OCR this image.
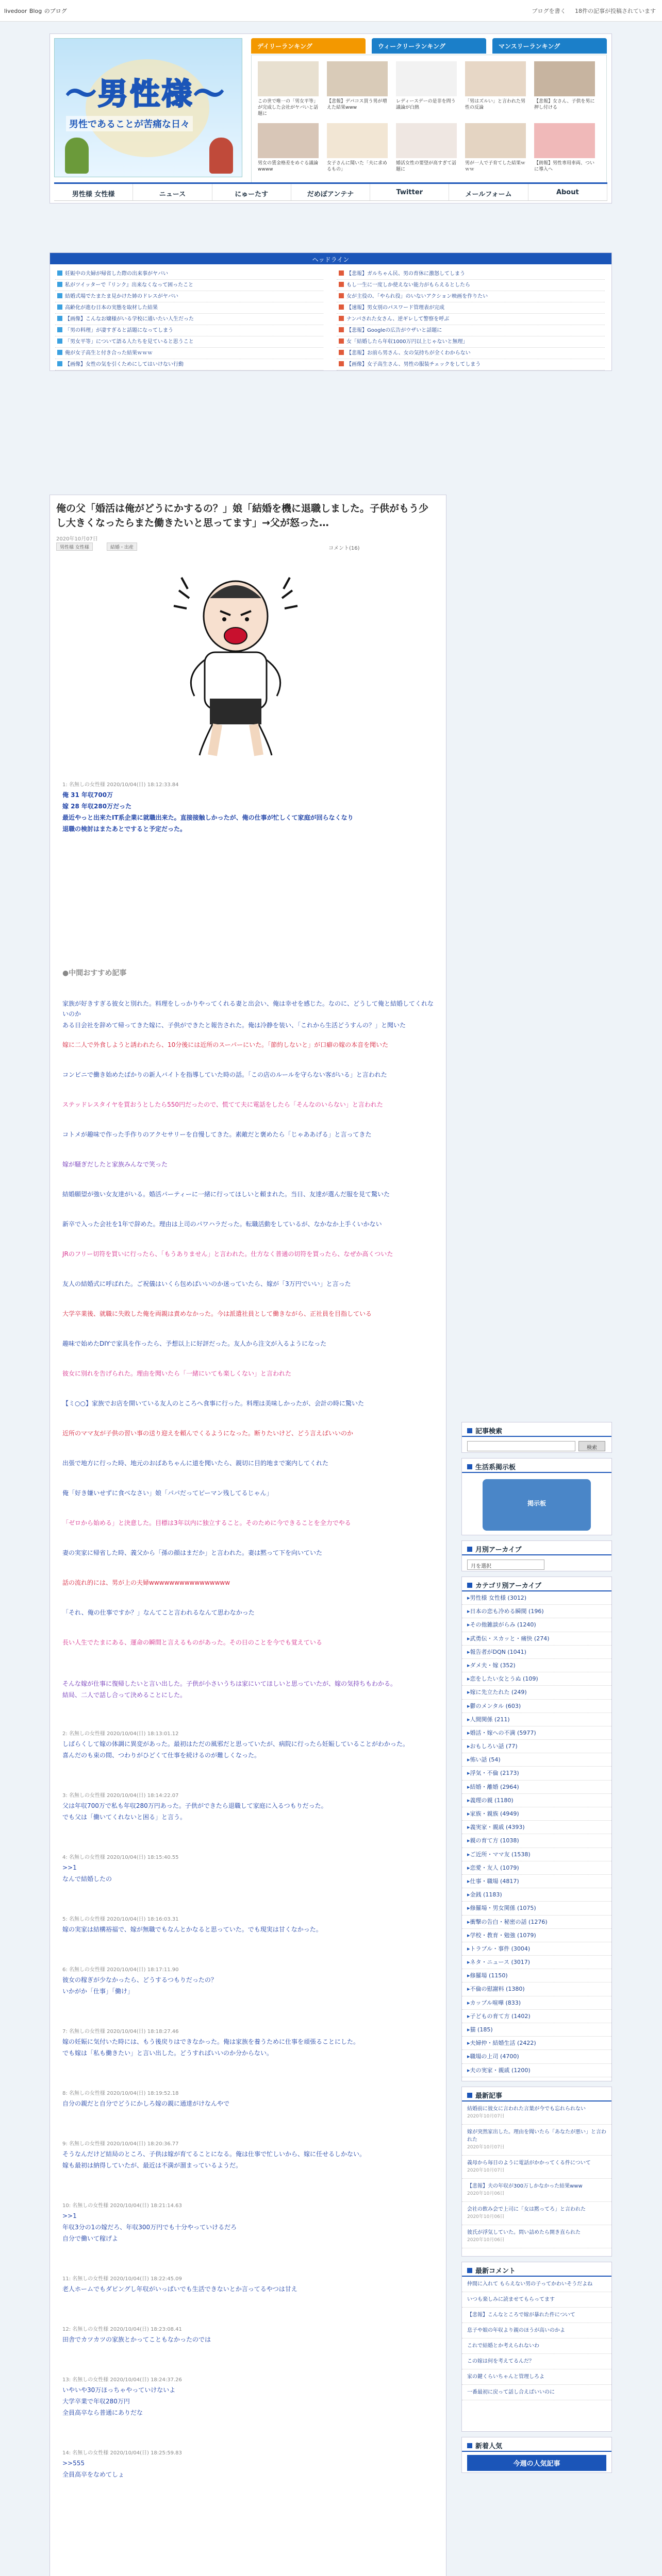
livedoor Blog のブログ	ブログを書く 18件の記事が投稿されています
〜男性様〜
男性であることが苦痛な日々
デイリーランキング	ウィークリーランキング	マンスリーランキング
この世で唯一の「男女平等」が完成した会社がヤバいと話題に
【悲報】デパコス買う男が増えた結果www
レディースデーの是非を問う議論が白熱
「男はズルい」と言われた男性の反論
【悲報】女さん、子供を男に押し付ける
男女の賃金格差をめぐる議論wwww
女子さんに聞いた「夫に求めるもの」
婚活女性の要望が高すぎて話題に
男が一人で子育てした結果ｗｗｗ
【朗報】男性専用車両、ついに導入へ
男性様 女性様	ニュース	にゅーたす	だめぽアンテナ	Twitter	メールフォーム	About
ヘッドライン
妊娠中の夫婦が帰省した際の出来事がヤバい
私がツイッターで『リンク』出来なくなって困ったこと
結婚式場でたまたま見かけた姉のドレスがヤバい
高齢化が進む日本の実態を取材した結果
【画像】こんなお嬢様がいる学校に通いたい人生だった
「男の料理」が凄すぎると話題になってしまう
「男女平等」について語る人たちを見ていると思うこと
俺が女子高生と付き合った結果ｗｗｗ
【画像】女性の気を引くためにしてはいけない行動
【悲報】ガルちゃん民、男の育休に激怒してしまう
もし一生に一度しか使えない能力がもらえるとしたら
女が主役の、「やられ役」のいないアクション映画を作りたい
【速報】男女別のパスワード管理表が完成
ナンパされた女さん、逆ギレして警察を呼ぶ
【悲報】Googleの広告がウザいと話題に
女「結婚したら年収1000万円以上じゃないと無理」
【悲報】お前ら男さん、女の気持ちが全くわからない
【画像】女子高生さん、男性の服装チェックをしてしまう
俺の父「婚活は俺がどうにかするの？」娘「結婚を機に退職しました。子供がもう少し大きくなったらまた働きたいと思ってます」→父が怒った…
2020年10月07日
男性様 女性様	結婚・出産	コメント(16)
1: 名無しの女性様 2020/10/04(日) 18:12:33.84
俺 31 年収700万
嫁 28 年収280万だった
最近やっと出来たIT系企業に就職出来た。直接接触しかったが、俺の仕事が忙しくて家庭が回らなくなり
退職の検討はまたあとですると予定だった。
●中間おすすめ記事
家族が好きすぎる彼女と別れた。料理をしっかりやってくれる妻と出会い、俺は幸せを感じた。なのに、どうして俺と結婚してくれないのか
ある日会社を辞めて帰ってきた嫁に、子供ができたと報告された。俺は冷静を装い、「これから生活どうすんの？」と聞いた
嫁に二人で外食しようと誘われたら、10分後には近所のスーパーにいた。「節約しないと」が口癖の嫁の本音を聞いた
コンビニで働き始めたばかりの新人バイトを指導していた時の話。「この店のルールを守らない客がいる」と言われた
ステッドレスタイヤを買おうとしたら550円だったので、慌てて夫に電話をしたら「そんなのいらない」と言われた
コトメが趣味で作った手作りのアクセサリーを自慢してきた。素敵だと褒めたら「じゃああげる」と言ってきた
嫁が騒ぎだしたと家族みんなで笑った
結婚願望が強い女友達がいる。婚活パーティーに一緒に行ってほしいと頼まれた。当日、友達が選んだ服を見て驚いた
新卒で入った会社を1年で辞めた。理由は上司のパワハラだった。転職活動をしているが、なかなか上手くいかない
JRのフリー切符を買いに行ったら、「もうありません」と言われた。仕方なく普通の切符を買ったら、なぜか高くついた
友人の結婚式に呼ばれた。ご祝儀はいくら包めばいいのか迷っていたら、嫁が「3万円でいい」と言った
大学卒業後、就職に失敗した俺を両親は責めなかった。今は派遣社員として働きながら、正社員を目指している
趣味で始めたDIYで家具を作ったら、予想以上に好評だった。友人から注文が入るようになった
彼女に別れを告げられた。理由を聞いたら「一緒にいても楽しくない」と言われた
【ミ○○】家族でお店を開いている友人のところへ食事に行った。料理は美味しかったが、会計の時に驚いた
近所のママ友が子供の習い事の送り迎えを頼んでくるようになった。断りたいけど、どう言えばいいのか
出張で地方に行った時、地元のおばあちゃんに道を聞いたら、親切に目的地まで案内してくれた
俺「好き嫌いせずに食べなさい」娘「パパだってピーマン残してるじゃん」
「ゼロから始める」と決意した。目標は3年以内に独立すること。そのために今できることを全力でやる
妻の実家に帰省した時、義父から「孫の顔はまだか」と言われた。妻は黙って下を向いていた
話の流れ的には、男が上の夫婦wwwwwwwwwwwwwwww
「それ、俺の仕事ですか？」なんてこと言われるなんて思わなかった
長い人生でたまにある、運命の瞬間と言えるものがあった。その日のことを今でも覚えている
そんな嫁が仕事に復帰したいと言い出した。子供が小さいうちは家にいてほしいと思っていたが、嫁の気持ちもわかる。
結局、二人で話し合って決めることにした。
2: 名無しの女性様 2020/10/04(日) 18:13:01.12
しばらくして嫁の体調に異変があった。最初はただの風邪だと思っていたが、病院に行ったら妊娠していることがわかった。
喜んだのも束の間、つわりがひどくて仕事を続けるのが難しくなった。
3: 名無しの女性様 2020/10/04(日) 18:14:22.07
父は年収700万で私も年収280万円あった。子供ができたら退職して家庭に入るつもりだった。
でも父は「働いてくれないと困る」と言う。
4: 名無しの女性様 2020/10/04(日) 18:15:40.55
>>1
なんで結婚したの
5: 名無しの女性様 2020/10/04(日) 18:16:03.31
嫁の実家は結構裕福で、嫁が無職でもなんとかなると思っていた。でも現実は甘くなかった。
6: 名無しの女性様 2020/10/04(日) 18:17:11.90
彼女の稼ぎが少なかったら、どうするつもりだったの？
いかがか「仕事」「働け」
7: 名無しの女性様 2020/10/04(日) 18:18:27.46
嫁の妊娠に気付いた時には、もう後戻りはできなかった。俺は家族を養うために仕事を頑張ることにした。
でも嫁は「私も働きたい」と言い出した。どうすればいいのか分からない。
8: 名無しの女性様 2020/10/04(日) 18:19:52.18
自分の親だと自分でどうにかしろ嫁の親に通達がけなんやで
9: 名無しの女性様 2020/10/04(日) 18:20:36.77
そうなんだけど結局のところ、子供は嫁が育てることになる。俺は仕事で忙しいから、嫁に任せるしかない。
嫁も最初は納得していたが、最近は不満が溜まっているようだ。
10: 名無しの女性様 2020/10/04(日) 18:21:14.63
>>1
年収3分の1の嫁だろ、年収300万円でも十分やっていけるだろ
自分で働いて稼げよ
11: 名無しの女性様 2020/10/04(日) 18:22:45.09
老人ホームでもダビングし年収がいっぱいでも生活できないとか言ってるやつは甘え
12: 名無しの女性様 2020/10/04(日) 18:23:08.41
田舎でカツカツの家族とかってこともなかったのでは
13: 名無しの女性様 2020/10/04(日) 18:24:37.26
いやいや30万ほっちゃやっていけないよ
大学卒業で年収280万円
全員高卒なら普通にありだな
14: 名無しの女性様 2020/10/04(日) 18:25:59.83
>>555
全員高卒をなめてしょ
記事検索
検索
生活系掲示板
掲示板
月別アーカイブ
月を選択
カテゴリ別アーカイブ
▸ 男性様 女性様 (3012)
▸ 日本の恋も冷める瞬間 (196)
▸ その他雑談がらみ (1240)
▸ 武勇伝・スカッと・痛快 (274)
▸ 報告者がDQN (1041)
▸ ダメ夫・嫁 (352)
▸ 恋をしたい女とうぬ (109)
▸ 嫁に先立たれた (249)
▸ 鬱のメンタル (603)
▸ 人間関係 (211)
▸ 婚活・嫁への不満 (5977)
▸ おもしろい話 (77)
▸ 怖い話 (54)
▸ 浮気・不倫 (2173)
▸ 結婚・離婚 (2964)
▸ 義理の親 (1180)
▸ 家族・親族 (4949)
▸ 義実家・親戚 (4393)
▸ 親の育て方 (1038)
▸ ご近所・ママ友 (1538)
▸ 恋愛・友人 (1079)
▸ 仕事・職場 (4817)
▸ 金銭 (1183)
▸ 修羅場・男女関係 (1075)
▸ 衝撃の告白・秘密の話 (1276)
▸ 学校・教育・勉強 (1079)
▸ トラブル・事件 (3004)
▸ ネタ・ニュース (3017)
▸ 修羅場 (1150)
▸ 不倫の慰謝料 (1380)
▸ カップル喧嘩 (833)
▸ 子どもの育て方 (1402)
▸ 猫 (185)
▸ 夫婦仲・結婚生活 (2422)
▸ 職場の上司 (4700)
▸ 夫の実家・親戚 (1200)
最新記事
結婚前に彼女に言われた言葉が今でも忘れられない
2020年10月07日
嫁が突然家出した。理由を聞いたら「あなたが悪い」と言われた
2020年10月07日
義母から毎日のように電話がかかってくる件について
2020年10月07日
【悲報】夫の年収が300万しかなかった結果www
2020年10月06日
会社の飲み会で上司に「女は黙ってろ」と言われた
2020年10月06日
彼氏が浮気していた。問い詰めたら開き直られた
2020年10月06日
最新コメント
仲間に入れて もらえない男の子ってかわいそうだよね
いつも楽しみに読ませてもらってます
【悲報】こんなところで嫁が暴れた件について
息子や娘の年収より親のほうが高いのかよ
これで結婚とか考えられないわ
この嫁は何を考えてるんだ？
家の鍵くらいちゃんと管理しろよ
一番最初に戻って話し合えばいいのに
新着人気
今週の人気記事
